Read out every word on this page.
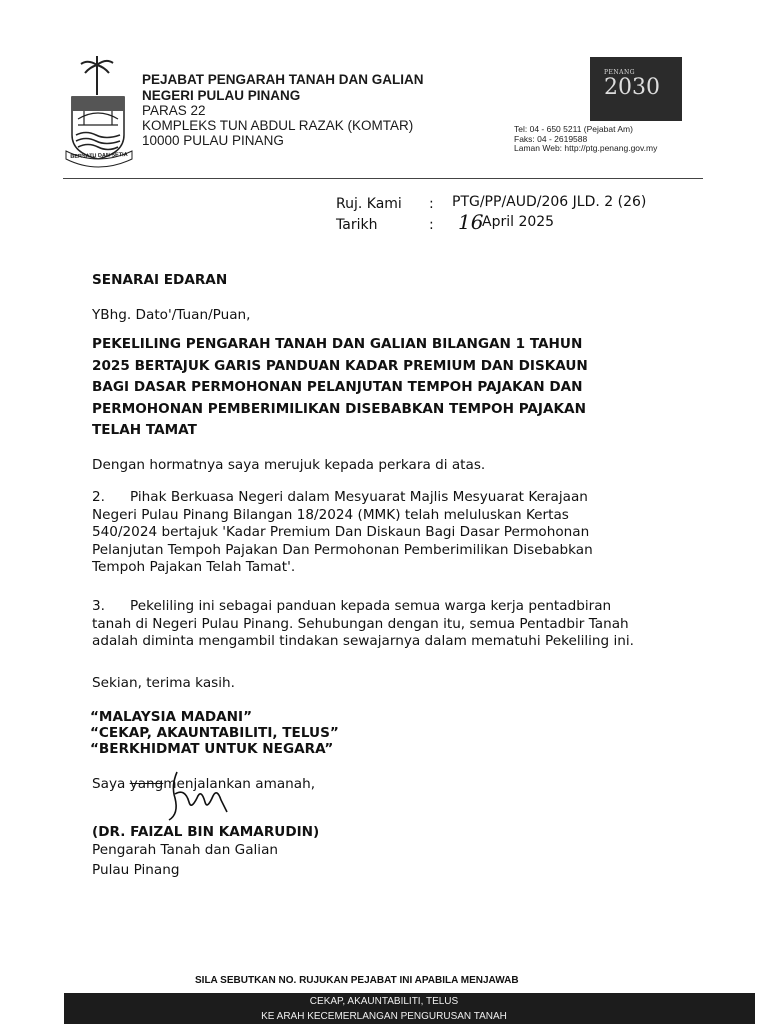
BERSATU DAN SETIA
PEJABAT PENGARAH TANAH DAN GALIAN
NEGERI PULAU PINANG
PARAS 22
KOMPLEKS TUN ABDUL RAZAK (KOMTAR)
10000 PULAU PINANG
PENANG
2030
Tel: 04 - 650 5211 (Pejabat Am)
Faks: 04 - 2619588
Laman Web: http://ptg.penang.gov.my
Ruj. Kami : PTG/PP/AUD/206 JLD. 2 (26)
Tarikh	: 16
April 2025
SENARAI EDARAN
YBhg. Dato'/Tuan/Puan,
PEKELILING PENGARAH TANAH DAN GALIAN BILANGAN 1 TAHUN
2025 BERTAJUK GARIS PANDUAN KADAR PREMIUM DAN DISKAUN
BAGI DASAR PERMOHONAN PELANJUTAN TEMPOH PAJAKAN DAN
PERMOHONAN PEMBERIMILIKAN DISEBABKAN TEMPOH PAJAKAN
TELAH TAMAT
Dengan hormatnya saya merujuk kepada perkara di atas.
2. Pihak Berkuasa Negeri dalam Mesyuarat Majlis Mesyuarat Kerajaan
Negeri Pulau Pinang Bilangan 18/2024 (MMK) telah meluluskan Kertas
540/2024 bertajuk 'Kadar Premium Dan Diskaun Bagi Dasar Permohonan
Pelanjutan Tempoh Pajakan Dan Permohonan Pemberimilikan Disebabkan
Tempoh Pajakan Telah Tamat'.
3. Pekeliling ini sebagai panduan kepada semua warga kerja pentadbiran
tanah di Negeri Pulau Pinang. Sehubungan dengan itu, semua Pentadbir Tanah
adalah diminta mengambil tindakan sewajarnya dalam mematuhi Pekeliling ini.
Sekian, terima kasih.
“MALAYSIA MADANI”
“CEKAP, AKAUNTABILITI, TELUS”
“BERKHIDMAT UNTUK NEGARA”
Saya yangmenjalankan amanah,
(DR. FAIZAL BIN KAMARUDIN)
Pengarah Tanah dan Galian
Pulau Pinang
SILA SEBUTKAN NO. RUJUKAN PEJABAT INI APABILA MENJAWAB
CEKAP, AKAUNTABILITI, TELUS
KE ARAH KECEMERLANGAN PENGURUSAN TANAH
